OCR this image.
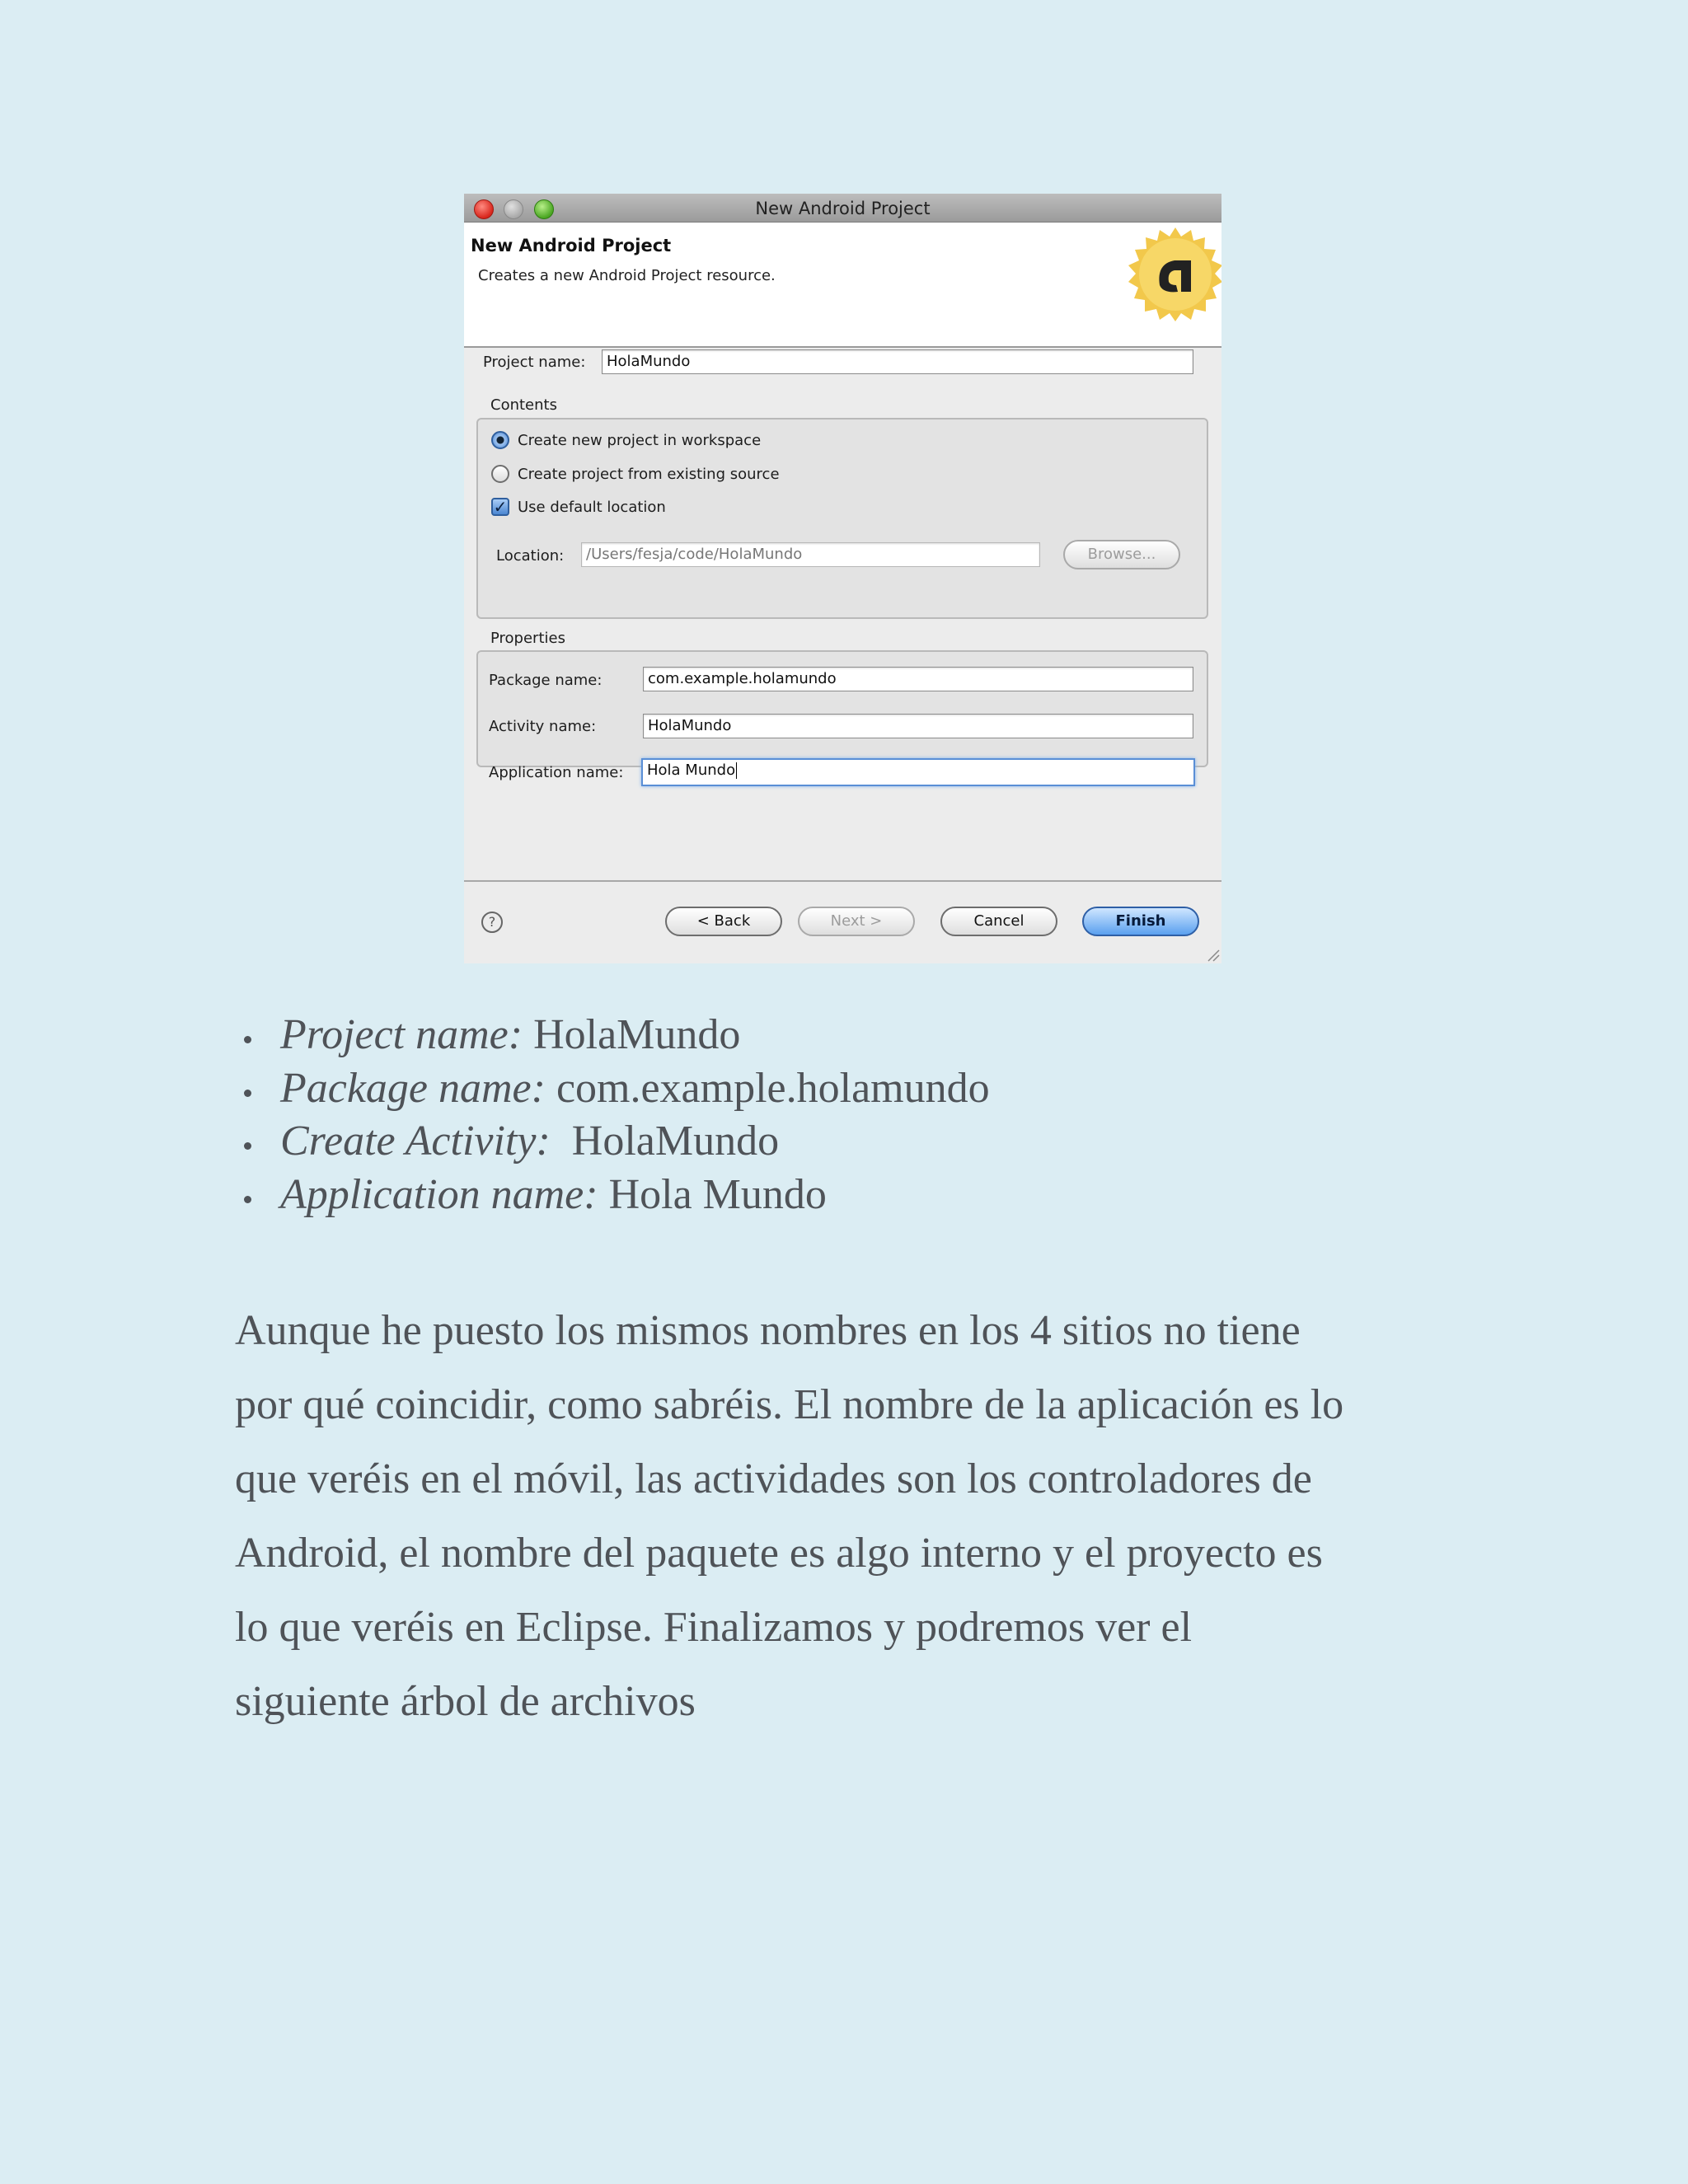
New Android Project
New Android Project
Creates a new Android Project resource.
Project name:	HolaMundo
Contents
Create new project in workspace
Create project from existing source
✓ Use default location
Location:	/Users/fesja/code/HolaMundo	Browse...
Properties
Package name:	com.example.holamundo
Activity name:	HolaMundo
Application name:	Hola Mundo
?	< Back	Next >	Cancel	Finish
Project name: HolaMundo
Package name: com.example.holamundo
Create Activity:  HolaMundo
Application name: Hola Mundo
Aunque he puesto los mismos nombres en los 4 sitios no tiene
por qué coincidir, como sabréis. El nombre de la aplicación es lo
que veréis en el móvil, las actividades son los controladores de
Android, el nombre del paquete es algo interno y el proyecto es
lo que veréis en Eclipse. Finalizamos y podremos ver el
siguiente árbol de archivos
